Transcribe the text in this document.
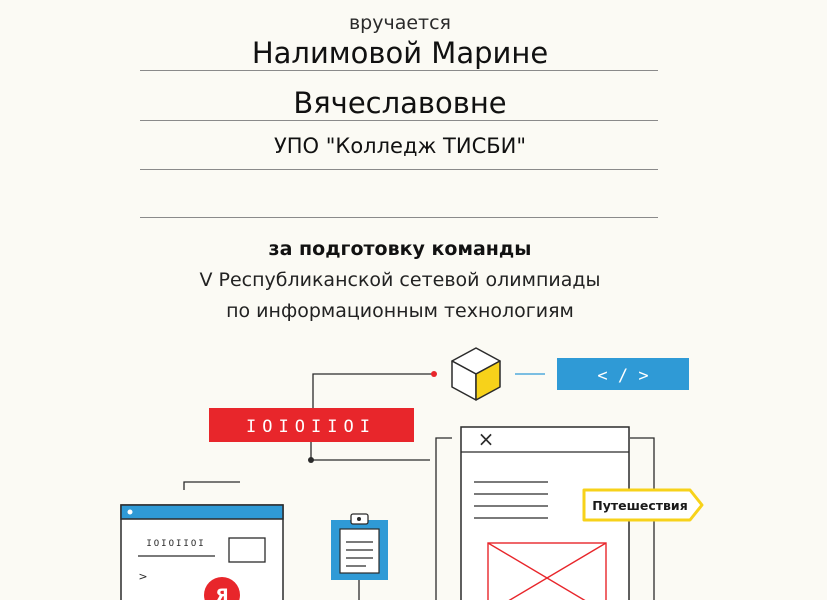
вручается
Налимовой Марине
Вячеславовне
УПО "Колледж ТИСБИ"
за подготовку команды
V Республиканской сетевой олимпиады
по информационным технологиям
< / >
IOIOIIOI	×
Путешествия
IOIOIIOI
>
Я
